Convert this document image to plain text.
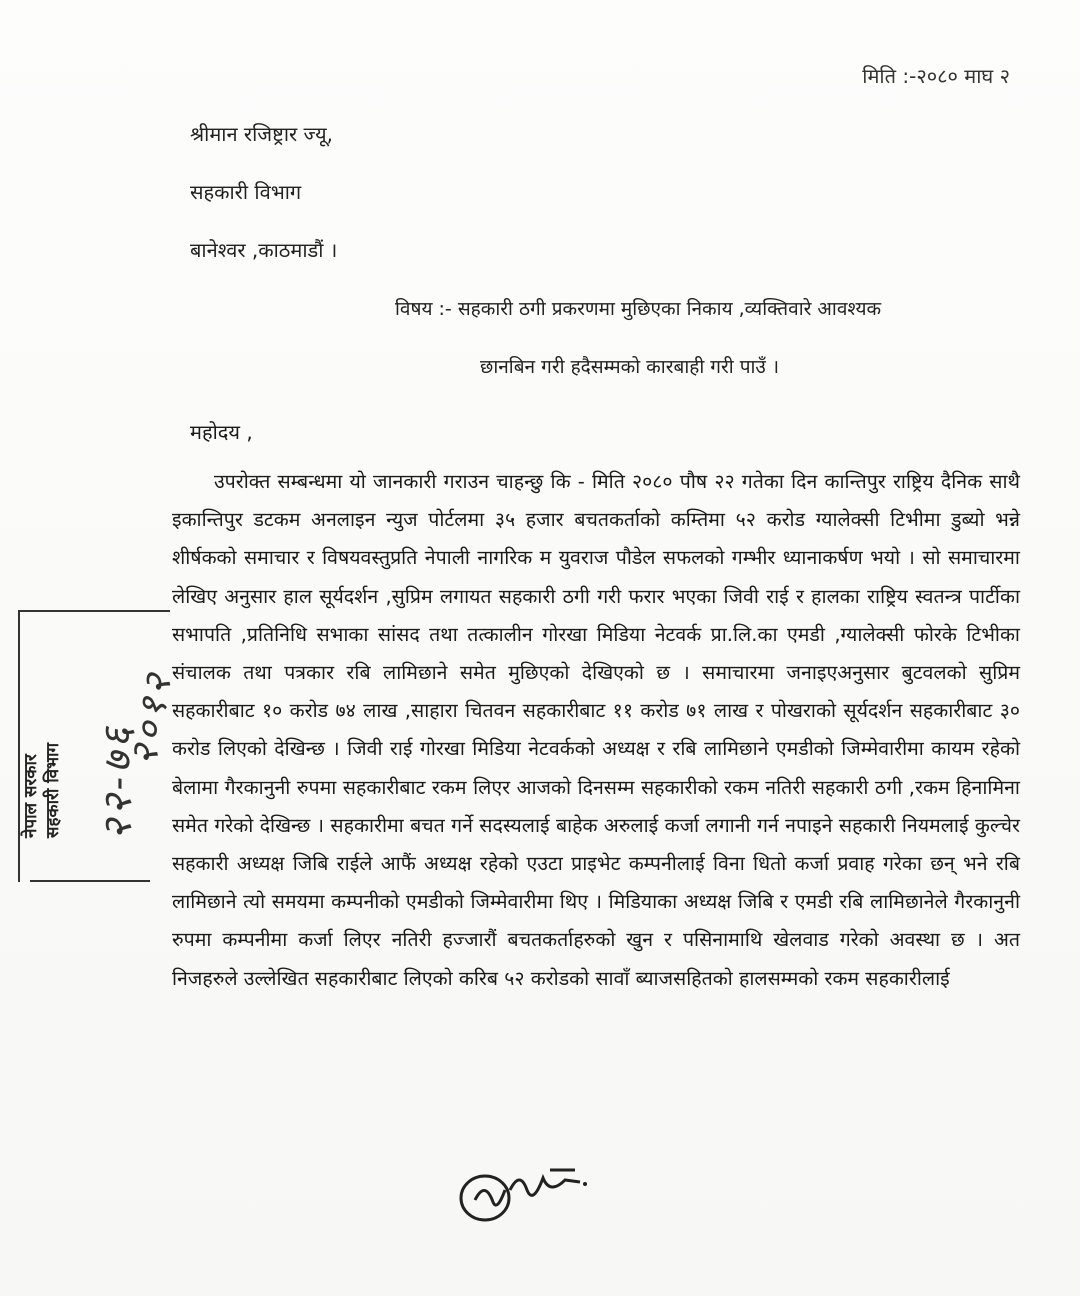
मिति :-२०८० माघ २
श्रीमान रजिष्ट्रार ज्यू,
सहकारी विभाग
बानेश्वर ,काठमाडौं ।
विषय :- सहकारी ठगी प्रकरणमा मुछिएका निकाय ,व्यक्तिवारे आवश्यक
छानबिन गरी हदैसम्मको कारबाही गरी पाउँ ।
महोदय ,
उपरोक्त सम्बन्धमा यो जानकारी गराउन चाहन्छु कि - मिति २०८० पौष २२ गतेका दिन कान्तिपुर राष्ट्रिय दैनिक साथै इकान्तिपुर डटकम अनलाइन न्युज पोर्टलमा ३५ हजार बचतकर्ताको कम्तिमा ५२ करोड ग्यालेक्सी टिभीमा डुब्यो भन्ने शीर्षकको समाचार र विषयवस्तुप्रति नेपाली नागरिक म युवराज पौडेल सफलको गम्भीर ध्यानाकर्षण भयो । सो समाचारमा लेखिए अनुसार हाल सूर्यदर्शन ,सुप्रिम लगायत सहकारी ठगी गरी फरार भएका जिवी राई र हालका राष्ट्रिय स्वतन्त्र पार्टीका सभापति ,प्रतिनिधि सभाका सांसद तथा तत्कालीन गोरखा मिडिया नेटवर्क प्रा.लि.का एमडी ,ग्यालेक्सी फोरके टिभीका संचालक तथा पत्रकार रबि लामिछाने समेत मुछिएको देखिएको छ । समाचारमा जनाइएअनुसार बुटवलको सुप्रिम सहकारीबाट १० करोड ७४ लाख ,साहारा चितवन सहकारीबाट ११ करोड ७१ लाख र पोखराको सूर्यदर्शन सहकारीबाट ३० करोड लिएको देखिन्छ । जिवी राई गोरखा मिडिया नेटवर्कको अध्यक्ष र रबि लामिछाने एमडीको जिम्मेवारीमा कायम रहेको बेलामा गैरकानुनी रुपमा सहकारीबाट रकम लिएर आजको दिनसम्म सहकारीको रकम नतिरी सहकारी ठगी ,रकम हिनामिना समेत गरेको देखिन्छ । सहकारीमा बचत गर्ने सदस्यलाई बाहेक अरुलाई कर्जा लगानी गर्न नपाइने सहकारी नियमलाई कुल्चेर सहकारी अध्यक्ष जिबि राईले आफैं अध्यक्ष रहेको एउटा प्राइभेट कम्पनीलाई विना धितो कर्जा प्रवाह गरेका छन् भने रबि लामिछाने त्यो समयमा कम्पनीको एमडीको जिम्मेवारीमा थिए । मिडियाका अध्यक्ष जिबि र एमडी रबि लामिछानेले गैरकानुनी रुपमा कम्पनीमा कर्जा लिएर नतिरी हज्जारौं बचतकर्ताहरुको खुन र पसिनामाथि खेलवाड गरेको अवस्था छ । अत निजहरुले उल्लेखित सहकारीबाट लिएको करिब ५२ करोडको सावाँ ब्याजसहितको हालसम्मको रकम सहकारीलाई
नेपाल सरकार सहकारी विभाग २२-७६
२०१२
